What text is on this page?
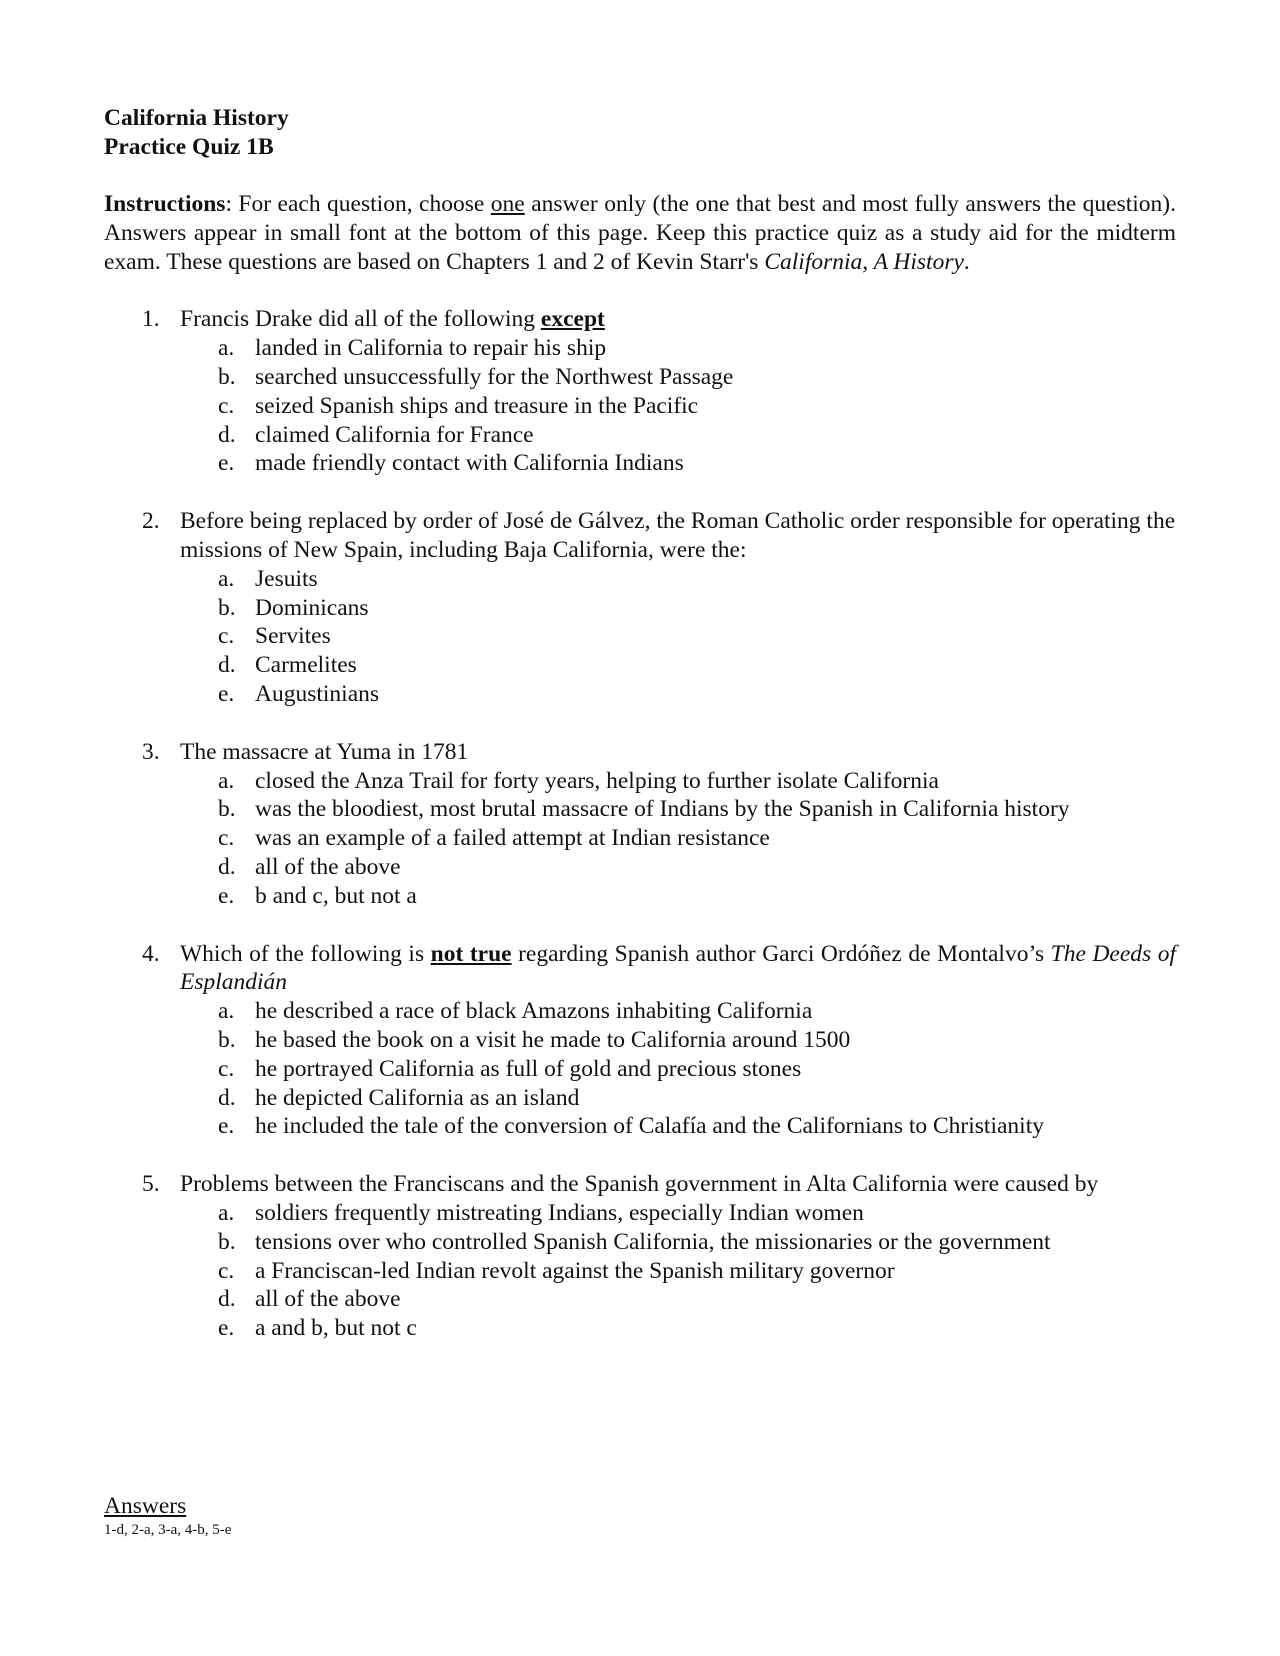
California History

Practice Quiz 1B

Instructions: For each question, choose one answer only (the one that best and most fully answers the question). Answers appear in small font at the bottom of this page. Keep this practice quiz as a study aid for the midterm exam. These questions are based on Chapters 1 and 2 of Kevin Starr's California, A History.
1. Francis Drake did all of the following except
a. landed in California to repair his ship
b. searched unsuccessfully for the Northwest Passage
c. seized Spanish ships and treasure in the Pacific
d. claimed California for France
e. made friendly contact with California Indians
2. Before being replaced by order of José de Gálvez, the Roman Catholic order responsible for operating the missions of New Spain, including Baja California, were the:
a. Jesuits
b. Dominicans
c. Servites
d. Carmelites
e. Augustinians
3. The massacre at Yuma in 1781
a. closed the Anza Trail for forty years, helping to further isolate California
b. was the bloodiest, most brutal massacre of Indians by the Spanish in California history
c. was an example of a failed attempt at Indian resistance
d. all of the above
e. b and c, but not a
4. Which of the following is not true regarding Spanish author Garci Ordóñez de Montalvo’s The Deeds of Esplandián
a. he described a race of black Amazons inhabiting California
b. he based the book on a visit he made to California around 1500
c. he portrayed California as full of gold and precious stones
d. he depicted California as an island
e. he included the tale of the conversion of Calafía and the Californians to Christianity
5. Problems between the Franciscans and the Spanish government in Alta California were caused by
a. soldiers frequently mistreating Indians, especially Indian women
b. tensions over who controlled Spanish California, the missionaries or the government
c. a Franciscan-led Indian revolt against the Spanish military governor
d. all of the above
e. a and b, but not c
Answers
1-d, 2-a, 3-a, 4-b, 5-e
